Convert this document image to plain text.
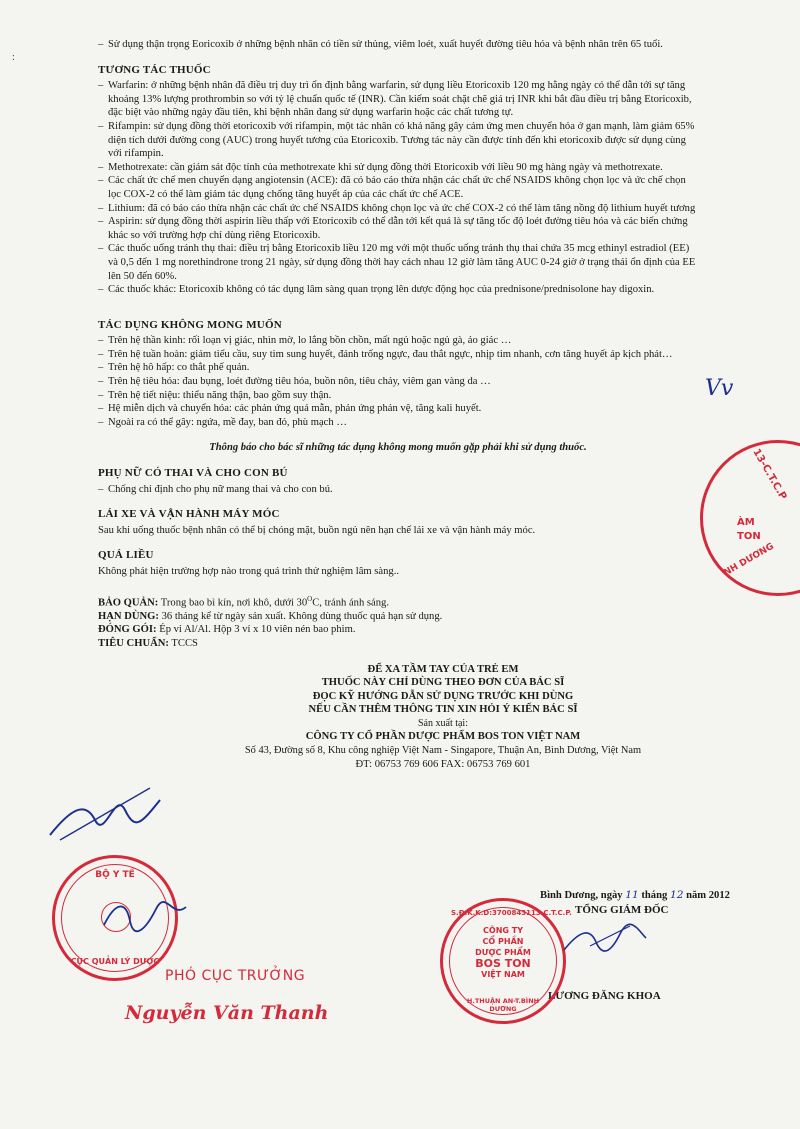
:
– Sử dụng thận trọng Eoricoxib ở những bệnh nhân có tiền sử thủng, viêm loét, xuất huyết đường tiêu hóa và bệnh nhân trên 65 tuổi.
TƯƠNG TÁC THUỐC
– Warfarin: ở những bệnh nhân đã điều trị duy trì ổn định bằng warfarin, sử dụng liều Etoricoxib 120 mg hằng ngày có thể dẫn tới sự tăng khoảng 13% lượng prothrombin so với tỷ lệ chuẩn quốc tế (INR). Cần kiểm soát chặt chẽ giá trị INR khi bắt đầu điều trị bằng Etoricoxib, đặc biệt vào những ngày đầu tiên, khi bệnh nhân đang sử dụng warfarin hoặc các chất tương tự.
– Rifampin: sử dụng đồng thời etoricoxib với rifampin, một tác nhân có khả năng gây cảm ứng men chuyển hóa ở gan mạnh, làm giảm 65% diện tích dưới đường cong (AUC) trong huyết tương của Etoricoxib. Tương tác này cần được tính đến khi etoricoxib được sử dụng cùng với rifampin.
– Methotrexate: cần giám sát độc tính của methotrexate khi sử dụng đồng thời Etoricoxib với liều 90 mg hàng ngày và methotrexate.
– Các chất ức chế men chuyển dạng angiotensin (ACE): đã có báo cáo thừa nhận các chất ức chế NSAIDS không chọn lọc và ức chế chọn lọc COX-2 có thể làm giảm tác dụng chống tăng huyết áp của các chất ức chế ACE.
– Lithium: đã có báo cáo thừa nhận các chất ức chế NSAIDS không chọn lọc và ức chế COX-2 có thể làm tăng nồng độ lithium huyết tương
– Aspirin: sử dụng đồng thời aspirin liều thấp với Etoricoxib có thể dẫn tới kết quả là sự tăng tốc độ loét đường tiêu hóa và các biến chứng khác so với trường hợp chỉ dùng riêng Etoricoxib.
– Các thuốc uống tránh thụ thai: điều trị bằng Etoricoxib liều 120 mg với một thuốc uống tránh thụ thai chứa 35 mcg ethinyl estradiol (EE) và 0,5 đến 1 mg norethindrone trong 21 ngày, sử dụng đồng thời hay cách nhau 12 giờ làm tăng AUC 0-24 giờ ở trạng thái ổn định của EE lên 50 đến 60%.
– Các thuốc khác: Etoricoxib không có tác dụng lâm sàng quan trọng lên dược động học của prednisone/prednisolone hay digoxin.
TÁC DỤNG KHÔNG MONG MUỐN
– Trên hệ thần kinh: rối loạn vị giác, nhìn mờ, lo lắng bồn chồn, mất ngủ hoặc ngủ gà, ảo giác …
– Trên hệ tuần hoàn: giảm tiểu cầu, suy tim sung huyết, đánh trống ngực, đau thắt ngực, nhịp tim nhanh, cơn tăng huyết áp kịch phát…
– Trên hệ hô hấp: co thắt phế quản.
– Trên hệ tiêu hóa: đau bụng, loét đường tiêu hóa, buồn nôn, tiêu chảy, viêm gan vàng da …
– Trên hệ tiết niệu: thiểu năng thận, bao gồm suy thận.
– Hệ miễn dịch và chuyển hóa: các phản ứng quá mẫn, phản ứng phản vệ, tăng kali huyết.
– Ngoài ra có thể gây: ngứa, mề đay, ban đỏ, phù mạch …
Thông báo cho bác sĩ những tác dụng không mong muốn gặp phải khi sử dụng thuốc.
PHỤ NỮ CÓ THAI VÀ CHO CON BÚ
– Chống chỉ định cho phụ nữ mang thai và cho con bú.
LÁI XE VÀ VẬN HÀNH MÁY MÓC
Sau khi uống thuốc bệnh nhân có thể bị chóng mặt, buồn ngủ nên hạn chế lái xe và vận hành máy móc.
QUÁ LIỀU
Không phát hiện trường hợp nào trong quá trình thử nghiệm lâm sàng..
BẢO QUẢN: Trong bao bì kín, nơi khô, dưới $30^OC$, tránh ánh sáng.
HẠN DÙNG: 36 tháng kể từ ngày sản xuất. Không dùng thuốc quá hạn sử dụng.
ĐÓNG GÓI: Ép vỉ Al/Al. Hộp 3 vỉ x 10 viên nén bao phim.
TIÊU CHUẨN: TCCS
ĐỂ XA TẦM TAY CỦA TRẺ EM
THUỐC NÀY CHỈ DÙNG THEO ĐƠN CỦA BÁC SĨ
ĐỌC KỸ HƯỚNG DẪN SỬ DỤNG TRƯỚC KHI DÙNG
NẾU CẦN THÊM THÔNG TIN XIN HỎI Ý KIẾN BÁC SĨ
Sản xuất tại:
CÔNG TY CỔ PHẦN DƯỢC PHẨM BOS TON VIỆT NAM
Số 43, Đường số 8, Khu công nghiệp Việt Nam - Singapore, Thuận An, Bình Dương, Việt Nam
ĐT: 06753 769 606 FAX: 06753 769 601
Vv
13-C.T.C.P
ÀM
TON
NH DƯƠNG
Bình Dương, ngày 11 tháng 12 năm 2012
TỔNG GIÁM ĐỐC
LƯƠNG ĐĂNG KHOA
S.Đ.K.K.D:3700843113.C.T.C.P.
CÔNG TY
CỔ PHẦN
DƯỢC PHẨM
BOS TON
VIỆT NAM
H.THUẬN AN-T.BÌNH DƯƠNG
BỘ Y TẾ
CỤC QUẢN LÝ DƯỢC
PHÓ CỤC TRƯỞNG
Nguyễn Văn Thanh
